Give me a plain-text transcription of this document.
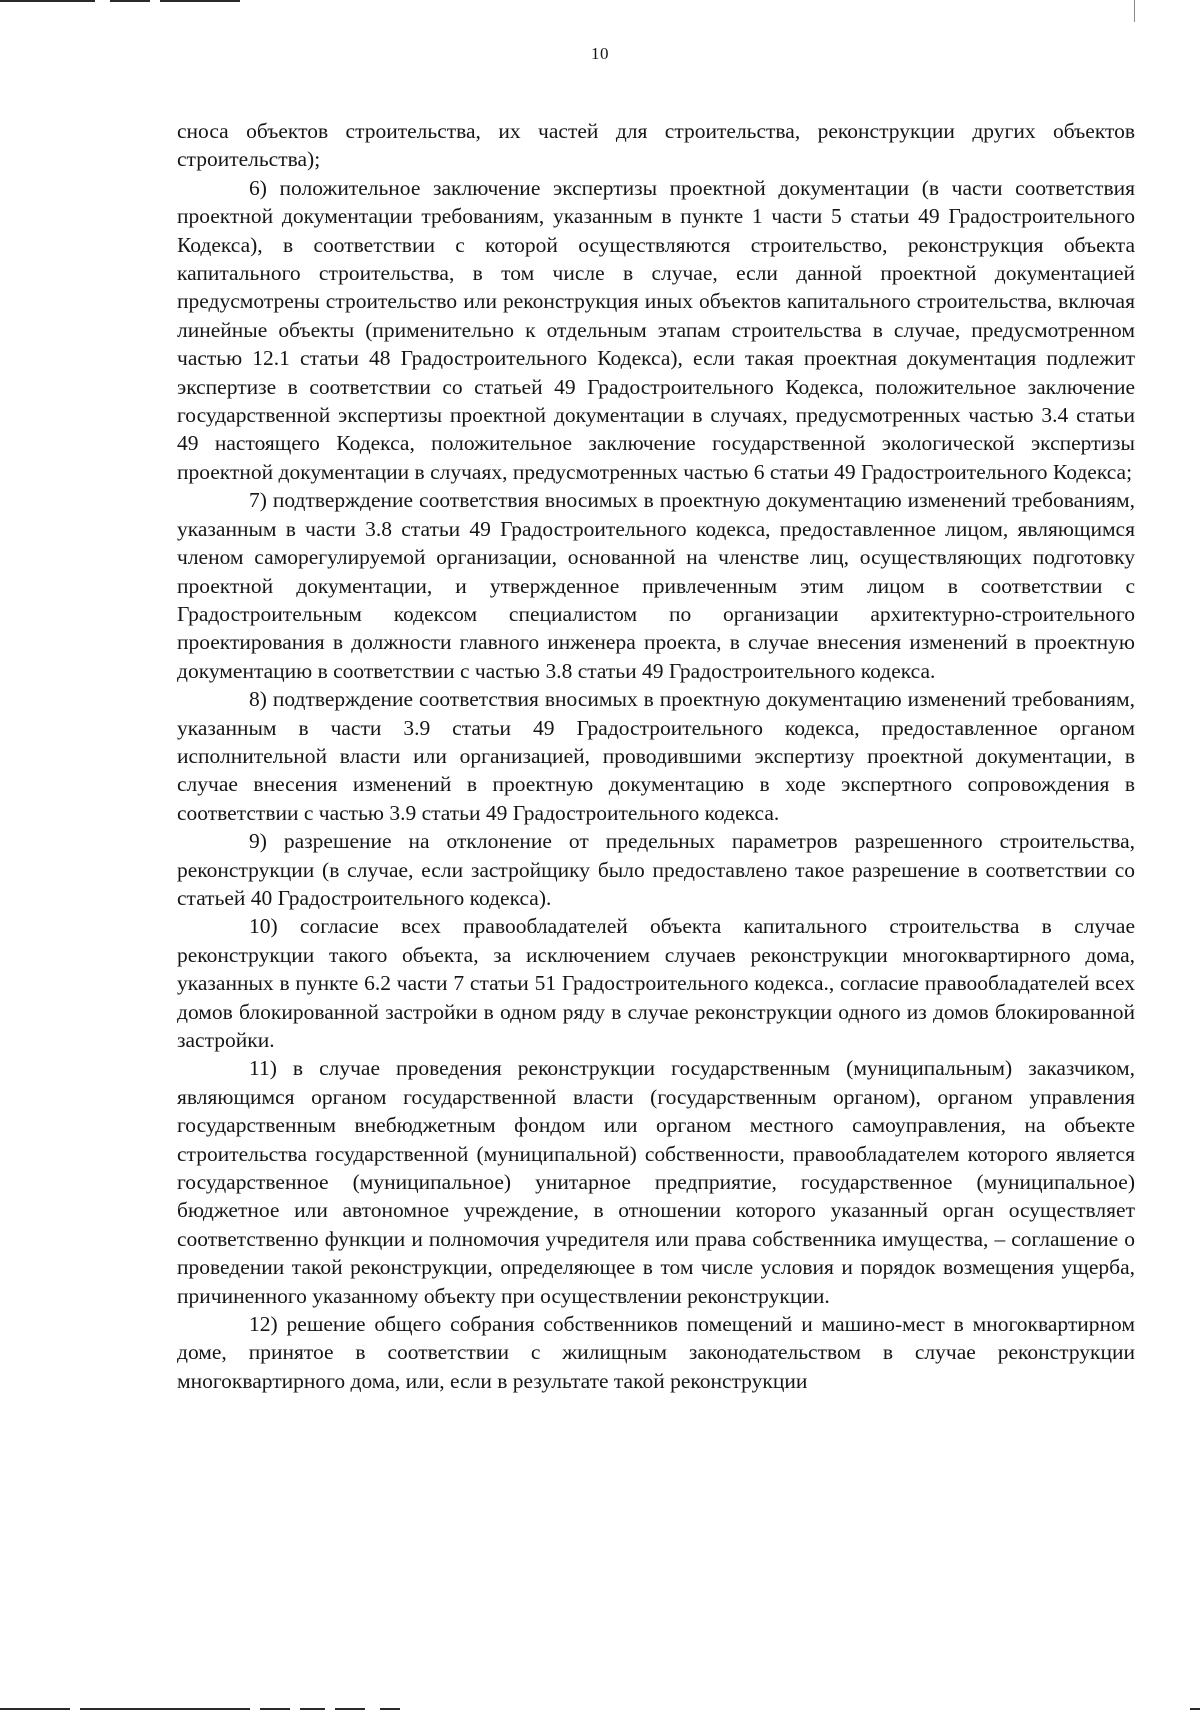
10

сноса объектов строительства, их частей для строительства, реконструкции других объектов строительства);

6) положительное заключение экспертизы проектной документации (в части соответствия проектной документации требованиям, указанным в пункте 1 части 5 статьи 49 Градостроительного Кодекса), в соответствии с которой осуществляются строительство, реконструкция объекта капитального строительства, в том числе в случае, если данной проектной документацией предусмотрены строительство или реконструкция иных объектов капитального строительства, включая линейные объекты (применительно к отдельным этапам строительства в случае, предусмотренном частью 12.1 статьи 48 Градостроительного Кодекса), если такая проектная документация подлежит экспертизе в соответствии со статьей 49 Градостроительного Кодекса, положительное заключение государственной экспертизы проектной документации в случаях, предусмотренных частью 3.4 статьи 49 настоящего Кодекса, положительное заключение государственной экологической экспертизы проектной документации в случаях, предусмотренных частью 6 статьи 49 Градостроительного Кодекса;

7) подтверждение соответствия вносимых в проектную документацию изменений требованиям, указанным в части 3.8 статьи 49 Градостроительного кодекса, предоставленное лицом, являющимся членом саморегулируемой организации, основанной на членстве лиц, осуществляющих подготовку проектной документации, и утвержденное привлеченным этим лицом в соответствии с Градостроительным кодексом специалистом по организации архитектурно-строительного проектирования в должности главного инженера проекта, в случае внесения изменений в проектную документацию в соответствии с частью 3.8 статьи 49 Градостроительного кодекса.

8) подтверждение соответствия вносимых в проектную документацию изменений требованиям, указанным в части 3.9 статьи 49 Градостроительного кодекса, предоставленное органом исполнительной власти или организацией, проводившими экспертизу проектной документации, в случае внесения изменений в проектную документацию в ходе экспертного сопровождения в соответствии с частью 3.9 статьи 49 Градостроительного кодекса.

9) разрешение на отклонение от предельных параметров разрешенного строительства, реконструкции (в случае, если застройщику было предоставлено такое разрешение в соответствии со статьей 40 Градостроительного кодекса).

10) согласие всех правообладателей объекта капитального строительства в случае реконструкции такого объекта, за исключением случаев реконструкции многоквартирного дома, указанных в пункте 6.2 части 7 статьи 51 Градостроительного кодекса., согласие правообладателей всех домов блокированной застройки в одном ряду в случае реконструкции одного из домов блокированной застройки.

11) в случае проведения реконструкции государственным (муниципальным) заказчиком, являющимся органом государственной власти (государственным органом), органом управления государственным внебюджетным фондом или органом местного самоуправления, на объекте строительства государственной (муниципальной) собственности, правообладателем которого является государственное (муниципальное) унитарное предприятие, государственное (муниципальное) бюджетное или автономное учреждение, в отношении которого указанный орган осуществляет соответственно функции и полномочия учредителя или права собственника имущества, – соглашение о проведении такой реконструкции, определяющее в том числе условия и порядок возмещения ущерба, причиненного указанному объекту при осуществлении реконструкции.

12) решение общего собрания собственников помещений и машино-мест в многоквартирном доме, принятое в соответствии с жилищным законодательством в случае реконструкции многоквартирного дома, или, если в результате такой реконструкции
